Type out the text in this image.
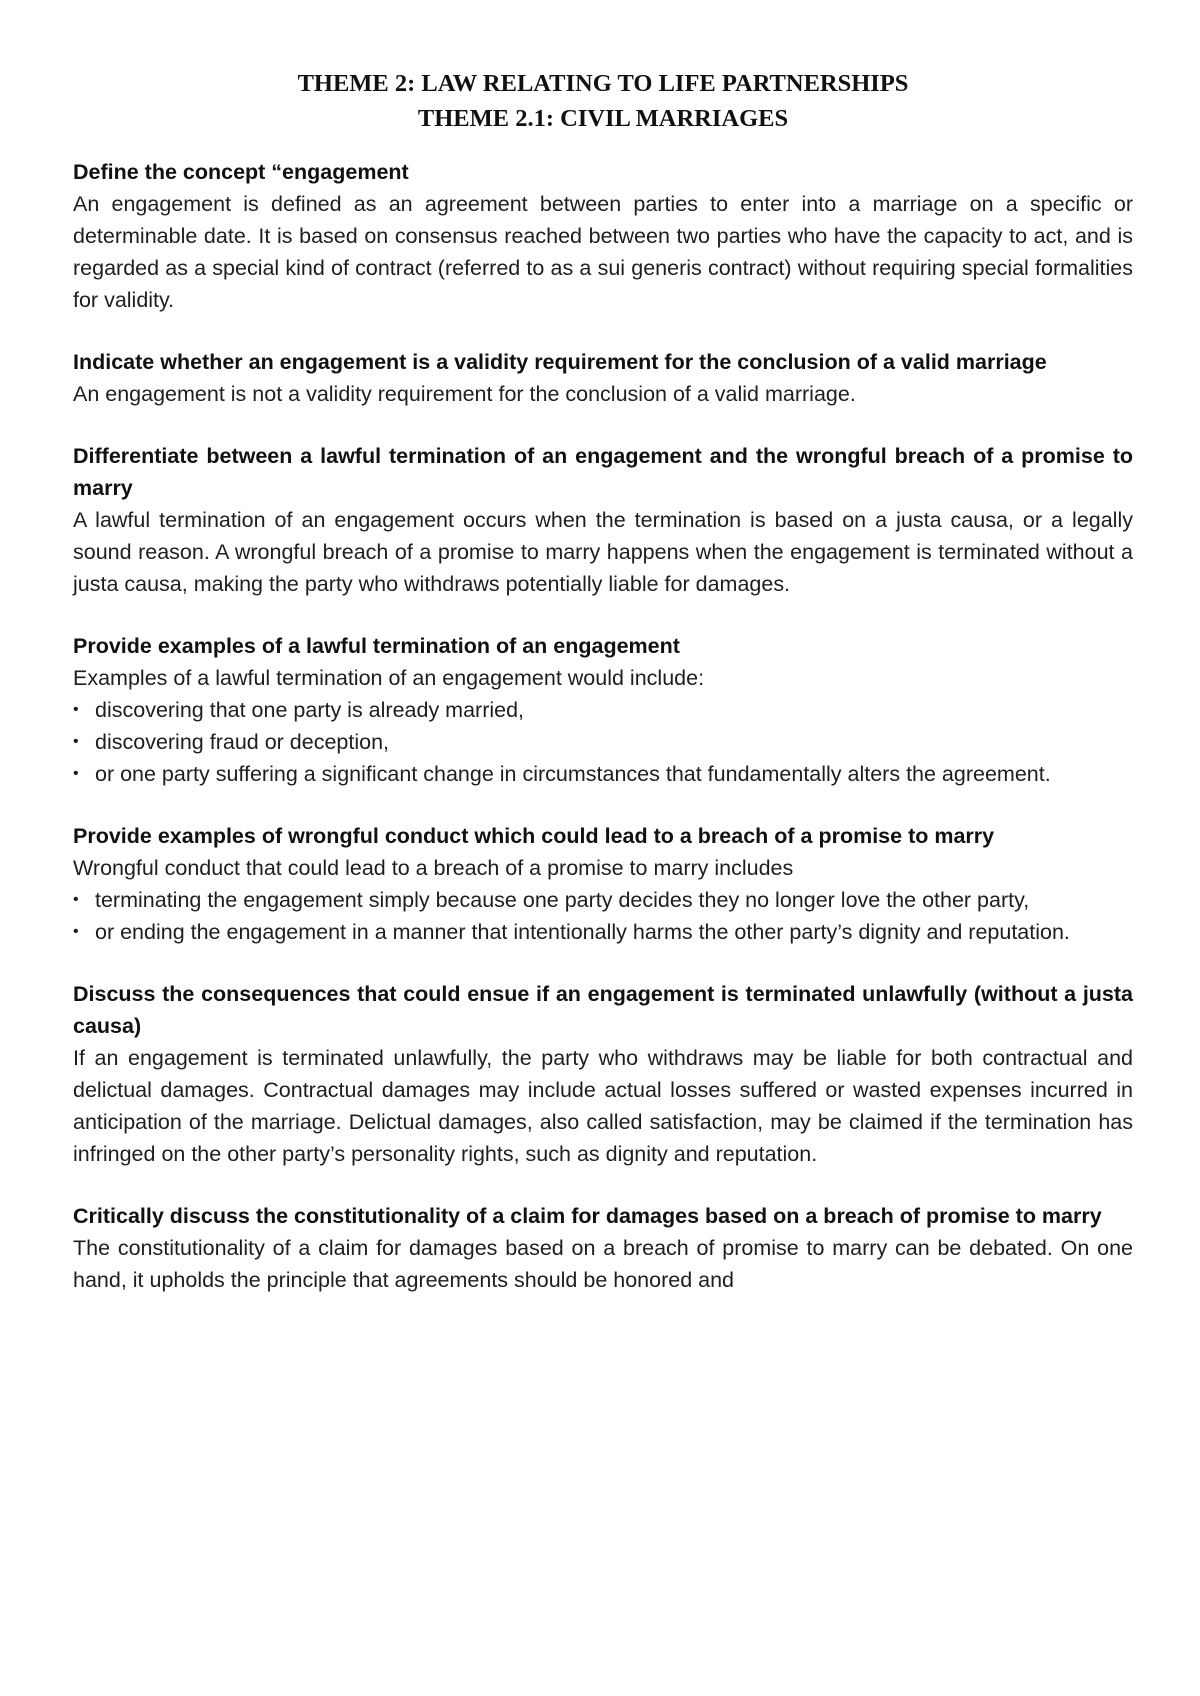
THEME 2: LAW RELATING TO LIFE PARTNERSHIPS
THEME 2.1: CIVIL MARRIAGES
Define the concept “engagement
An engagement is defined as an agreement between parties to enter into a marriage on a specific or determinable date. It is based on consensus reached between two parties who have the capacity to act, and is regarded as a special kind of contract (referred to as a sui generis contract) without requiring special formalities for validity.
Indicate whether an engagement is a validity requirement for the conclusion of a valid marriage
An engagement is not a validity requirement for the conclusion of a valid marriage.
Differentiate between a lawful termination of an engagement and the wrongful breach of a promise to marry
A lawful termination of an engagement occurs when the termination is based on a justa causa, or a legally sound reason. A wrongful breach of a promise to marry happens when the engagement is terminated without a justa causa, making the party who withdraws potentially liable for damages.
Provide examples of a lawful termination of an engagement
Examples of a lawful termination of an engagement would include:
• discovering that one party is already married,
• discovering fraud or deception,
• or one party suffering a significant change in circumstances that fundamentally alters the agreement.
Provide examples of wrongful conduct which could lead to a breach of a promise to marry
Wrongful conduct that could lead to a breach of a promise to marry includes
• terminating the engagement simply because one party decides they no longer love the other party,
• or ending the engagement in a manner that intentionally harms the other party’s dignity and reputation.
Discuss the consequences that could ensue if an engagement is terminated unlawfully (without a justa causa)
If an engagement is terminated unlawfully, the party who withdraws may be liable for both contractual and delictual damages. Contractual damages may include actual losses suffered or wasted expenses incurred in anticipation of the marriage. Delictual damages, also called satisfaction, may be claimed if the termination has infringed on the other party’s personality rights, such as dignity and reputation.
Critically discuss the constitutionality of a claim for damages based on a breach of promise to marry
The constitutionality of a claim for damages based on a breach of promise to marry can be debated. On one hand, it upholds the principle that agreements should be honored and
